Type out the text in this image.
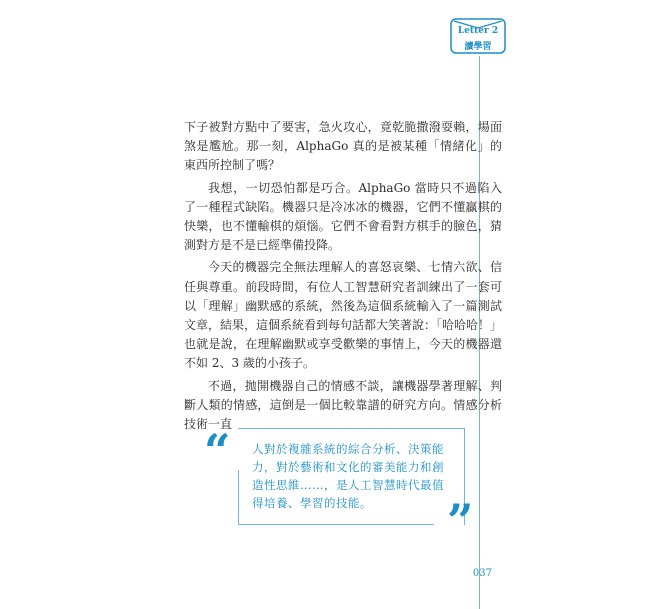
Letter 2
讀學習

下子被對方點中了要害，急火攻心，竟乾脆撒潑耍賴，場面煞是尷尬。那一刻，AlphaGo 真的是被某種「情緒化」的東西所控制了嗎？

我想，一切恐怕都是巧合。AlphaGo 當時只不過陷入了一種程式缺陷。機器只是冷冰冰的機器，它們不懂贏棋的快樂，也不懂輸棋的煩惱。它們不會看對方棋手的臉色，猜測對方是不是已經準備投降。

今天的機器完全無法理解人的喜怒哀樂、七情六欲、信任與尊重。前段時間，有位人工智慧研究者訓練出了一套可以「理解」幽默感的系統，然後為這個系統輸入了一篇測試文章，結果，這個系統看到每句話都大笑著說：「哈哈哈！」也就是說，在理解幽默或享受歡樂的事情上，今天的機器還不如 2、3 歲的小孩子。

不過，拋開機器自己的情感不談，讓機器學著理解、判斷人類的情感，這倒是一個比較靠譜的研究方向。情感分析技術一直

“ 人對於複雜系統的綜合分析、決策能力，對於藝術和文化的審美能力和創造性思維……，是人工智慧時代最值得培養、學習的技能。	”
037
